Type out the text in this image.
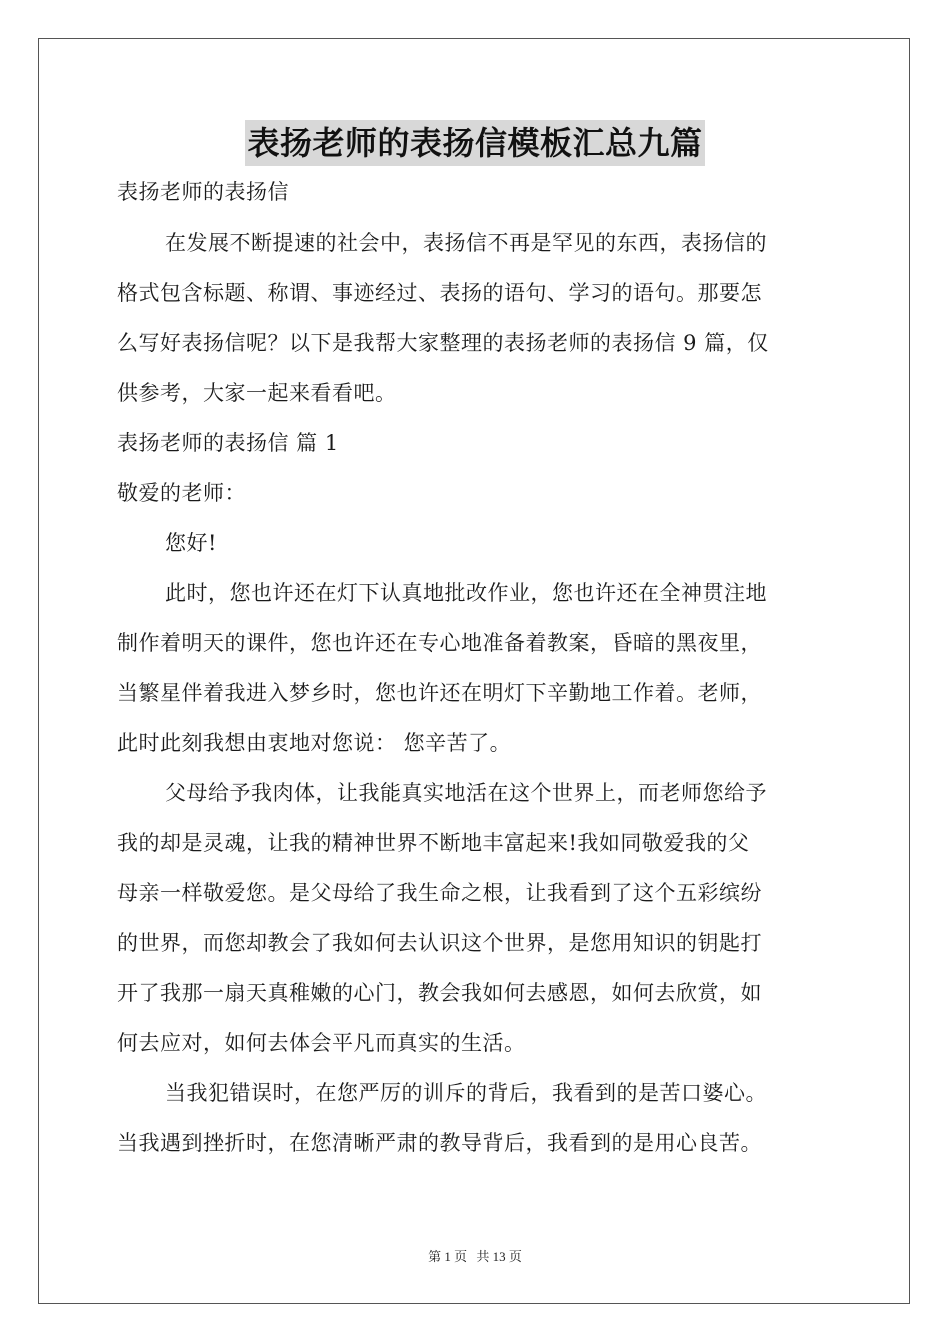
表扬老师的表扬信模板汇总九篇

表扬老师的表扬信

在发展不断提速的社会中，表扬信不再是罕见的东西，表扬信的

格式包含标题、称谓、事迹经过、表扬的语句、学习的语句。那要怎

么写好表扬信呢？以下是我帮大家整理的表扬老师的表扬信 9 篇，仅

供参考，大家一起来看看吧。

表扬老师的表扬信 篇 1

敬爱的老师：

您好!

此时，您也许还在灯下认真地批改作业，您也许还在全神贯注地

制作着明天的课件，您也许还在专心地准备着教案，昏暗的黑夜里，

当繁星伴着我进入梦乡时，您也许还在明灯下辛勤地工作着。老师，

此时此刻我想由衷地对您说： 您辛苦了。

父母给予我肉体，让我能真实地活在这个世界上，而老师您给予

我的却是灵魂，让我的精神世界不断地丰富起来!我如同敬爱我的父

母亲一样敬爱您。是父母给了我生命之根，让我看到了这个五彩缤纷

的世界，而您却教会了我如何去认识这个世界，是您用知识的钥匙打

开了我那一扇天真稚嫩的心门，教会我如何去感恩，如何去欣赏，如

何去应对，如何去体会平凡而真实的生活。

当我犯错误时，在您严厉的训斥的背后，我看到的是苦口婆心。

当我遇到挫折时，在您清晰严肃的教导背后，我看到的是用心良苦。

第 1 页 共 13 页
